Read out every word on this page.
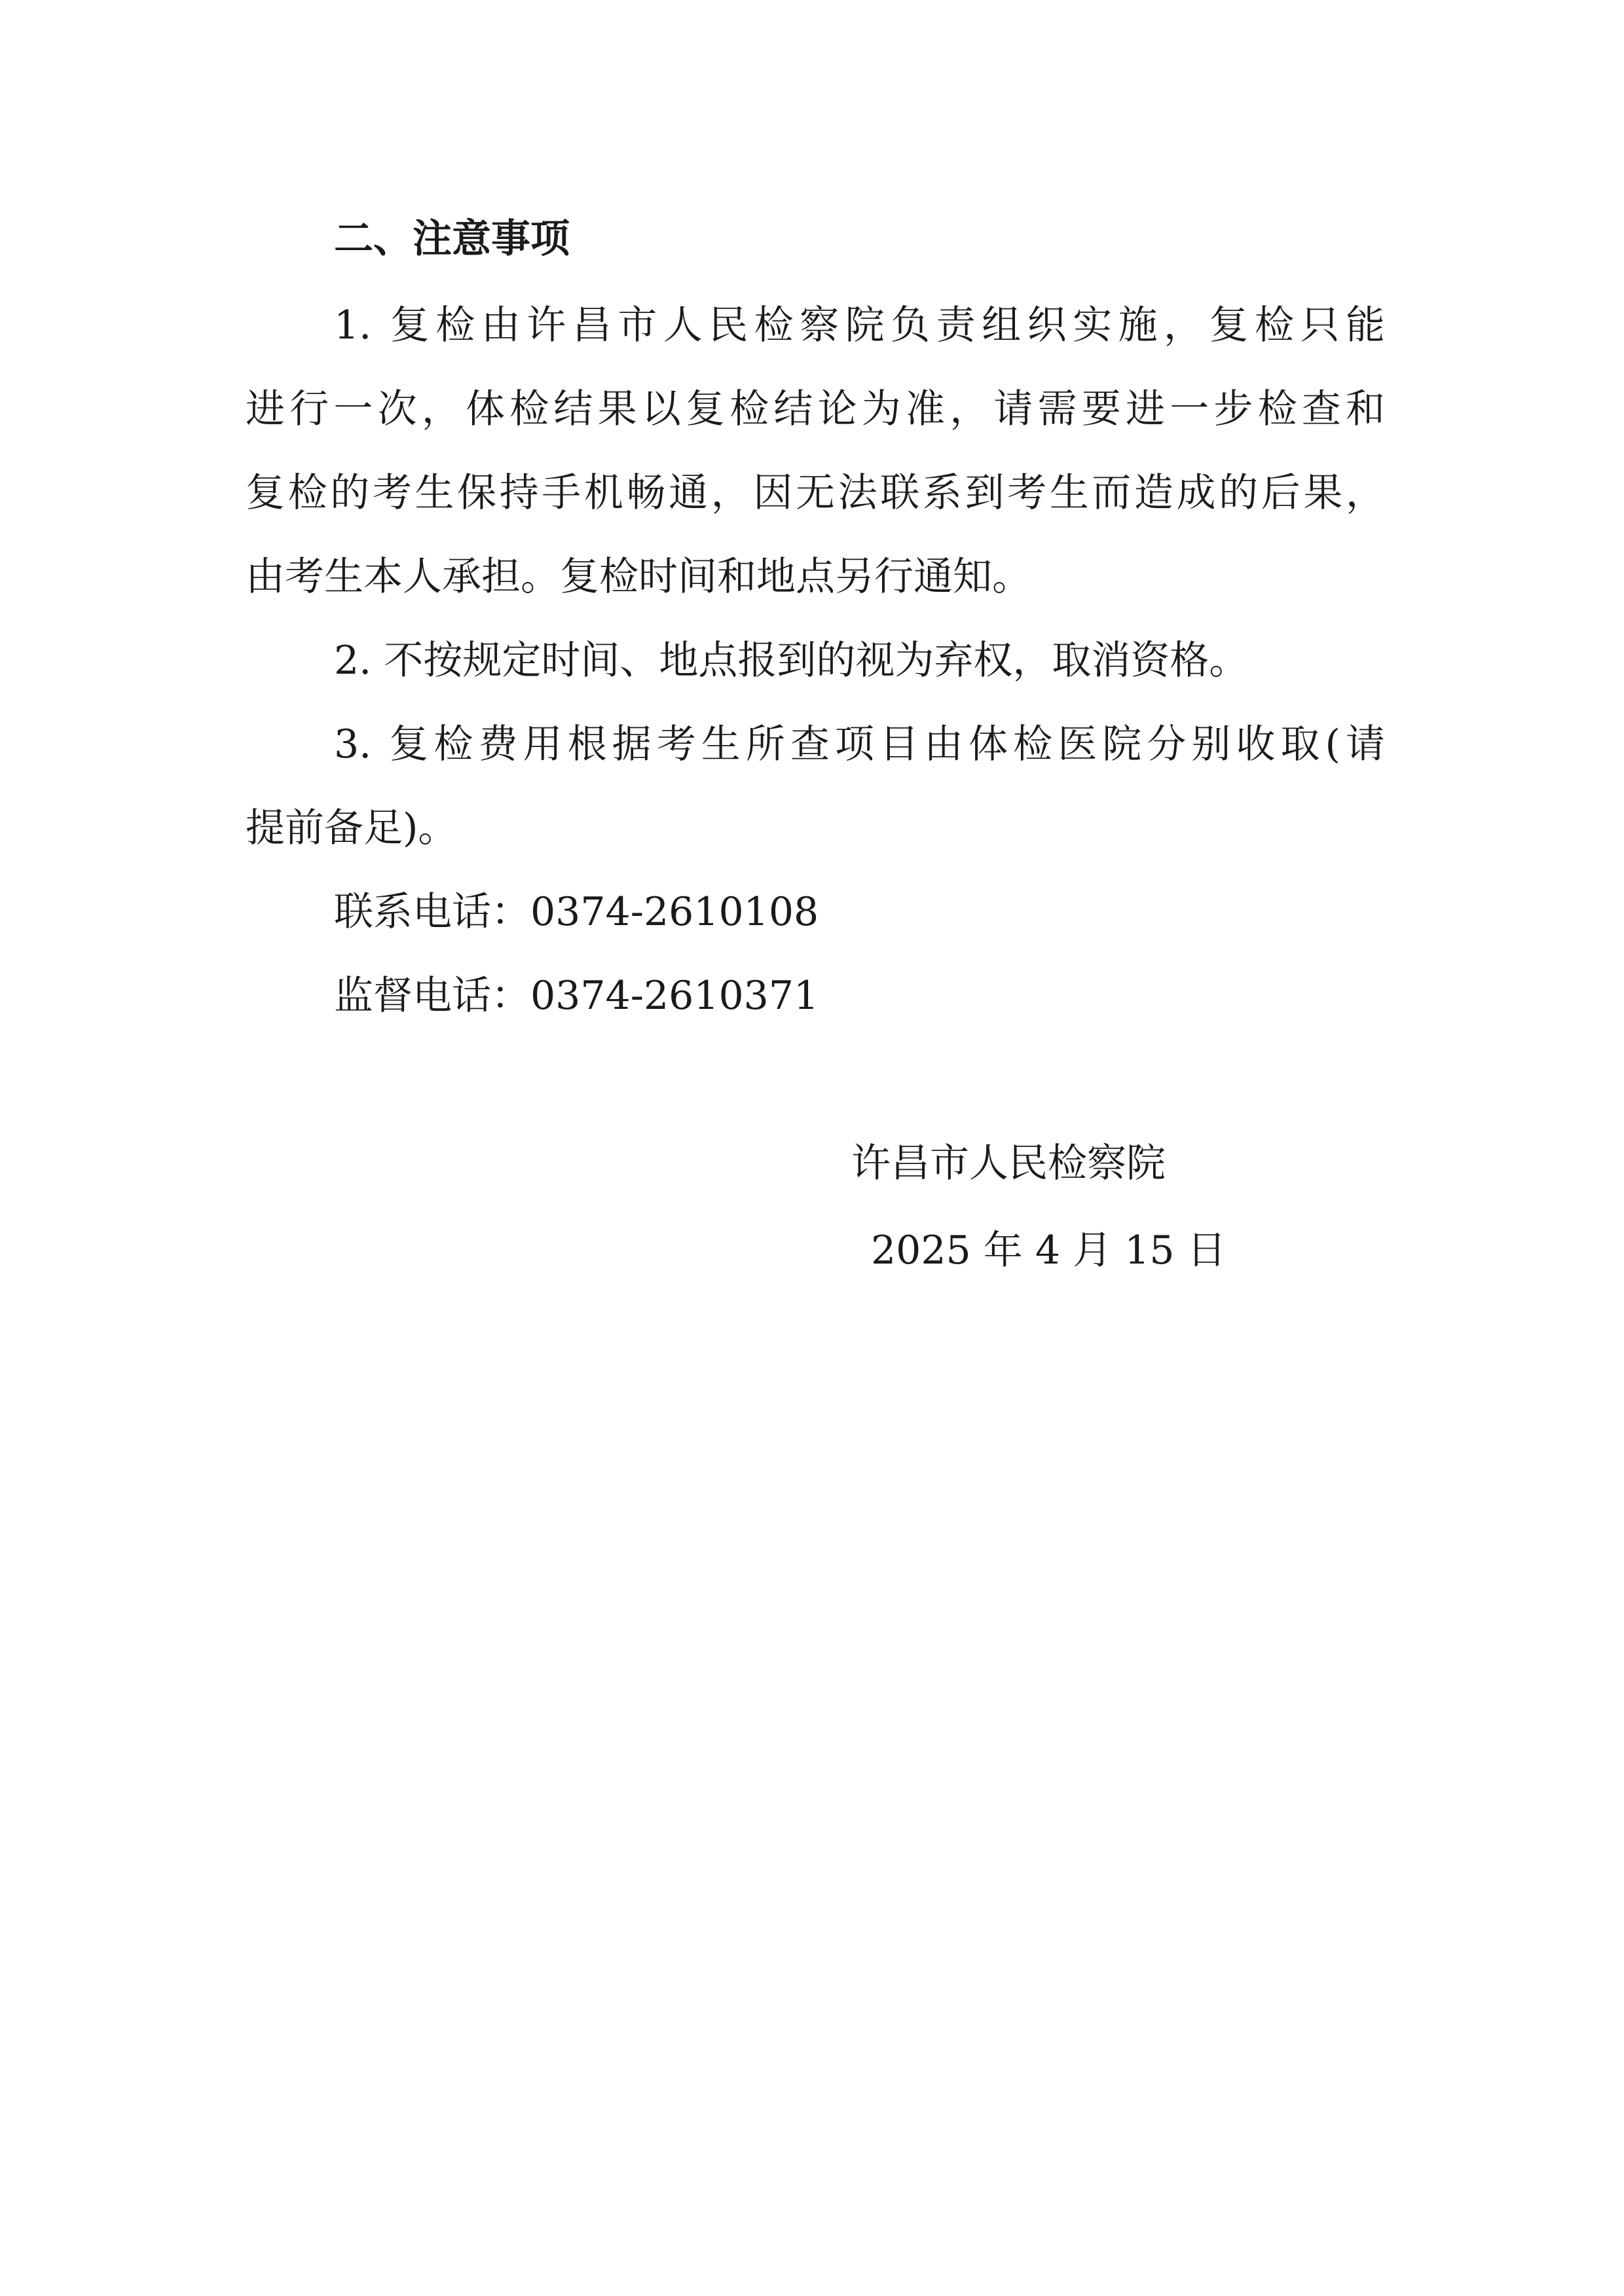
二、注意事项
1. 复检由许昌市人民检察院负责组织实施，复检只能
进行一次，体检结果以复检结论为准，请需要进一步检查和
复检的考生保持手机畅通，因无法联系到考生而造成的后果，
由考生本人承担。复检时间和地点另行通知。
2. 不按规定时间、地点报到的视为弃权，取消资格。
3. 复检费用根据考生所查项目由体检医院分别收取(请
提前备足)。
联系电话：0374-2610108
监督电话：0374-2610371
许昌市人民检察院
2025 年 4 月 15 日
